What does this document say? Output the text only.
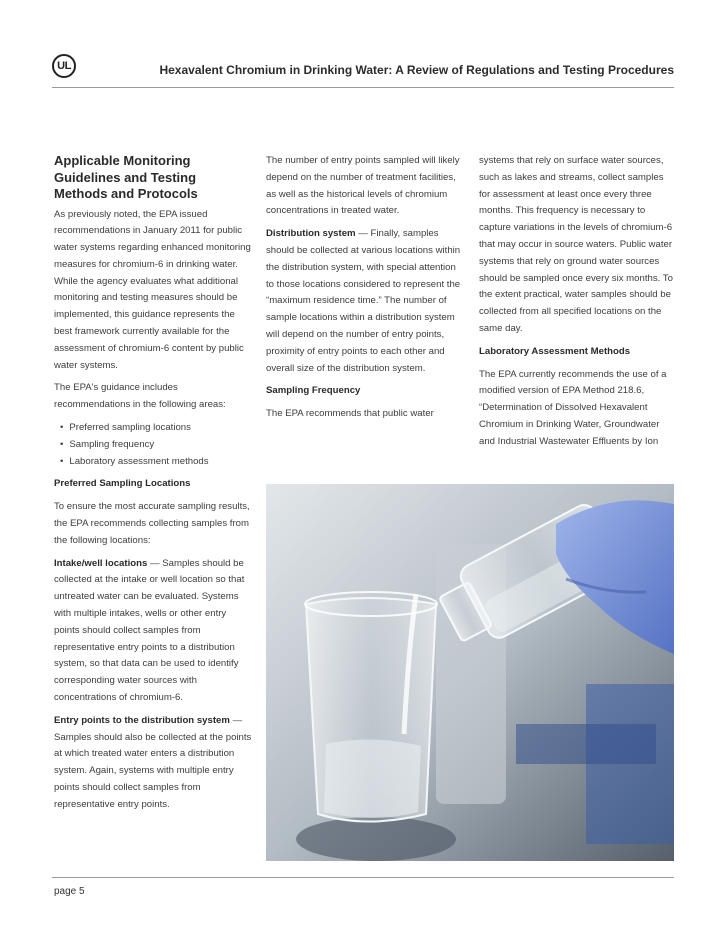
UL	Hexavalent Chromium in Drinking Water: A Review of Regulations and Testing Procedures
Applicable Monitoring Guidelines and Testing Methods and Protocols

As previously noted, the EPA issued recommendations in January 2011 for public water systems regarding enhanced monitoring measures for chromium-6 in drinking water. While the agency evaluates what additional monitoring and testing measures should be implemented, this guidance represents the best framework currently available for the assessment of chromium-6 content by public water systems.

The EPA's guidance includes recommendations in the following areas:

• Preferred sampling locations
• Sampling frequency
• Laboratory assessment methods

Preferred Sampling Locations

To ensure the most accurate sampling results, the EPA recommends collecting samples from the following locations:

Intake/well locations — Samples should be collected at the intake or well location so that untreated water can be evaluated. Systems with multiple intakes, wells or other entry points should collect samples from representative entry points to a distribution system, so that data can be used to identify corresponding water sources with concentrations of chromium-6.

Entry points to the distribution system — Samples should also be collected at the points at which treated water enters a distribution system. Again, systems with multiple entry points should collect samples from representative entry points.

The number of entry points sampled will likely depend on the number of treatment facilities, as well as the historical levels of chromium concentrations in treated water.

Distribution system — Finally, samples should be collected at various locations within the distribution system, with special attention to those locations considered to represent the “maximum residence time.” The number of sample locations within a distribution system will depend on the number of entry points, proximity of entry points to each other and overall size of the distribution system.

Sampling Frequency

The EPA recommends that public water

systems that rely on surface water sources, such as lakes and streams, collect samples for assessment at least once every three months. This frequency is necessary to capture variations in the levels of chromium-6 that may occur in source waters. Public water systems that rely on ground water sources should be sampled once every six months. To the extent practical, water samples should be collected from all specified locations on the same day.

Laboratory Assessment Methods

The EPA currently recommends the use of a modified version of EPA Method 218.6, “Determination of Dissolved Hexavalent Chromium in Drinking Water, Groundwater and Industrial Wastewater Effluents by Ion

page 5
